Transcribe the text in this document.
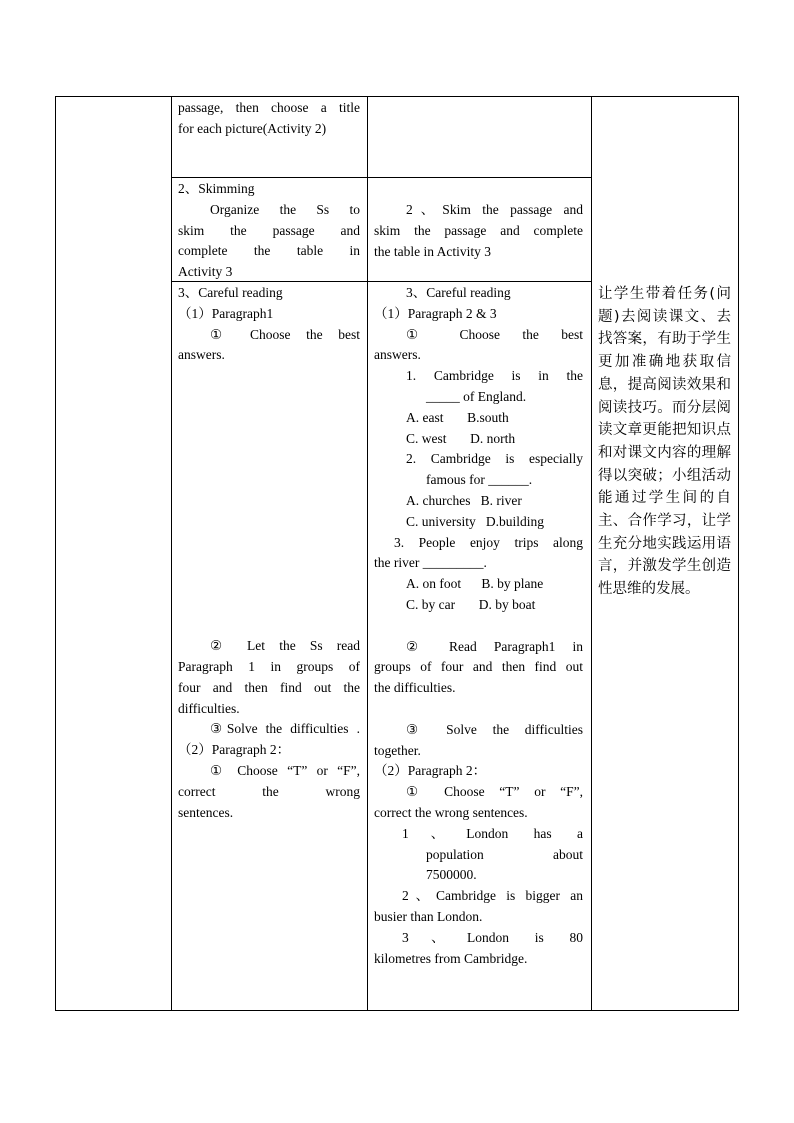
passage, then choose a title

for each picture(Activity 2)

2、Skimming

Organize the Ss to

skim the passage and

complete the table in

Activity 3

2、Skim the passage and

skim the passage and complete

the table in Activity 3

3、Careful reading

（1）Paragraph1

① Choose the best

answers.

② Let the Ss read

Paragraph 1 in groups of

four and then find out the

difficulties.

③Solve the difficulties .

（2）Paragraph 2：

① Choose “T” or “F”,

correct the wrong

sentences.

3、Careful reading

（1）Paragraph 2 & 3

① Choose the best

answers.

1. Cambridge is in the

_____ of England.

A. east       B.south

C. west       D. north

2. Cambridge is especially

famous for ______.

A. churches   B. river

C. university   D.building

3. People enjoy trips along

the river _________.

A. on foot      B. by plane

C. by car       D. by boat

② Read Paragraph1 in

groups of four and then find out

the difficulties.

③ Solve the difficulties

together.

（2）Paragraph 2：

① Choose “T” or “F”,

correct the wrong sentences.

1、London has a

population about

7500000.

2、Cambridge is bigger an

busier than London.

3、London is 80

kilometres from Cambridge.

让学生带着任务(问题)去阅读课文、去找答案，有助于学生更加准确地获取信息，提高阅读效果和阅读技巧。而分层阅读文章更能把知识点和对课文内容的理解得以突破；小组活动能通过学生间的自主、合作学习，让学生充分地实践运用语言，并激发学生创造性思维的发展。
